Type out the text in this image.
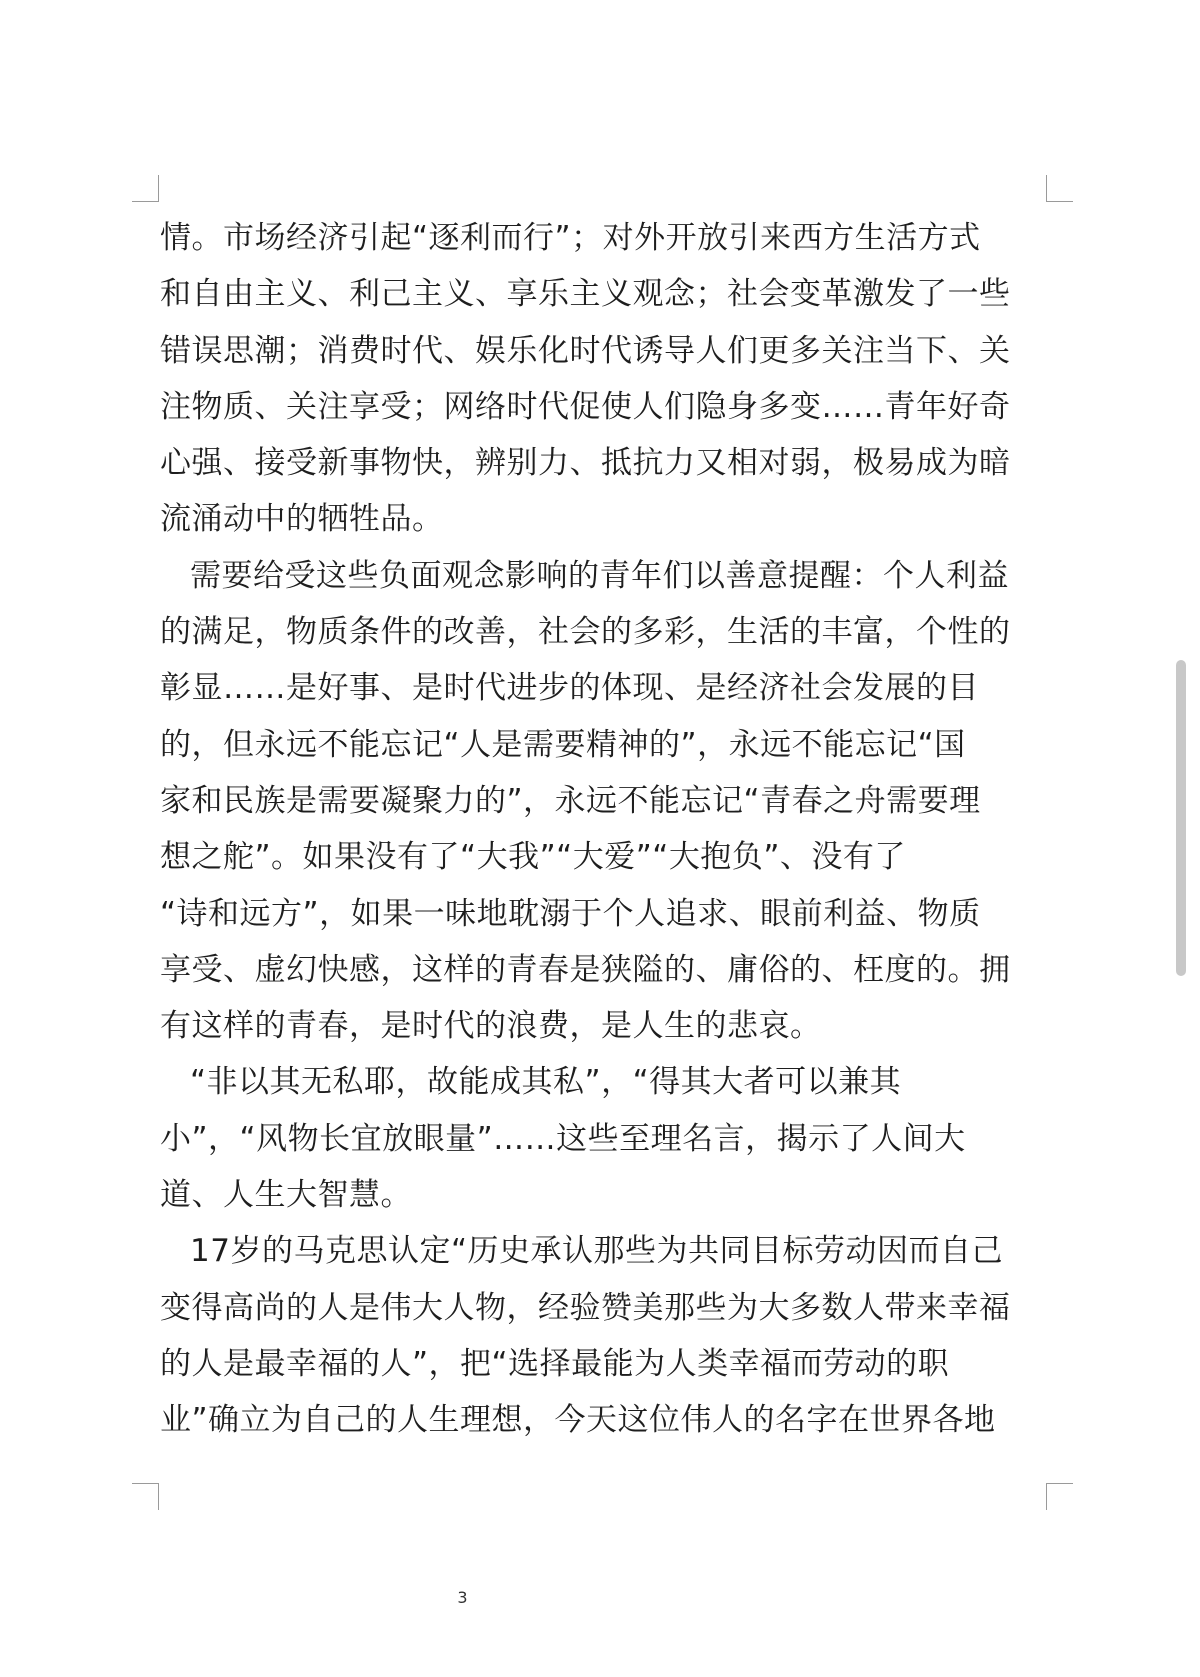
情。市场经济引起“逐利而行”；对外开放引来西方生活方式
和自由主义、利己主义、享乐主义观念；社会变革激发了一些
错误思潮；消费时代、娱乐化时代诱导人们更多关注当下、关
注物质、关注享受；网络时代促使人们隐身多变……青年好奇
心强、接受新事物快，辨别力、抵抗力又相对弱，极易成为暗
流涌动中的牺牲品。
需要给受这些负面观念影响的青年们以善意提醒：个人利益
的满足，物质条件的改善，社会的多彩，生活的丰富，个性的
彰显……是好事、是时代进步的体现、是经济社会发展的目
的，但永远不能忘记“人是需要精神的”，永远不能忘记“国
家和民族是需要凝聚力的”，永远不能忘记“青春之舟需要理
想之舵”。如果没有了“大我”“大爱”“大抱负”、没有了
“诗和远方”，如果一味地耽溺于个人追求、眼前利益、物质
享受、虚幻快感，这样的青春是狭隘的、庸俗的、枉度的。拥
有这样的青春，是时代的浪费，是人生的悲哀。
“非以其无私耶，故能成其私”，“得其大者可以兼其
小”，“风物长宜放眼量”……这些至理名言，揭示了人间大
道、人生大智慧。
17岁的马克思认定“历史承认那些为共同目标劳动因而自己
变得高尚的人是伟大人物，经验赞美那些为大多数人带来幸福
的人是最幸福的人”，把“选择最能为人类幸福而劳动的职
业”确立为自己的人生理想，今天这位伟人的名字在世界各地
3
